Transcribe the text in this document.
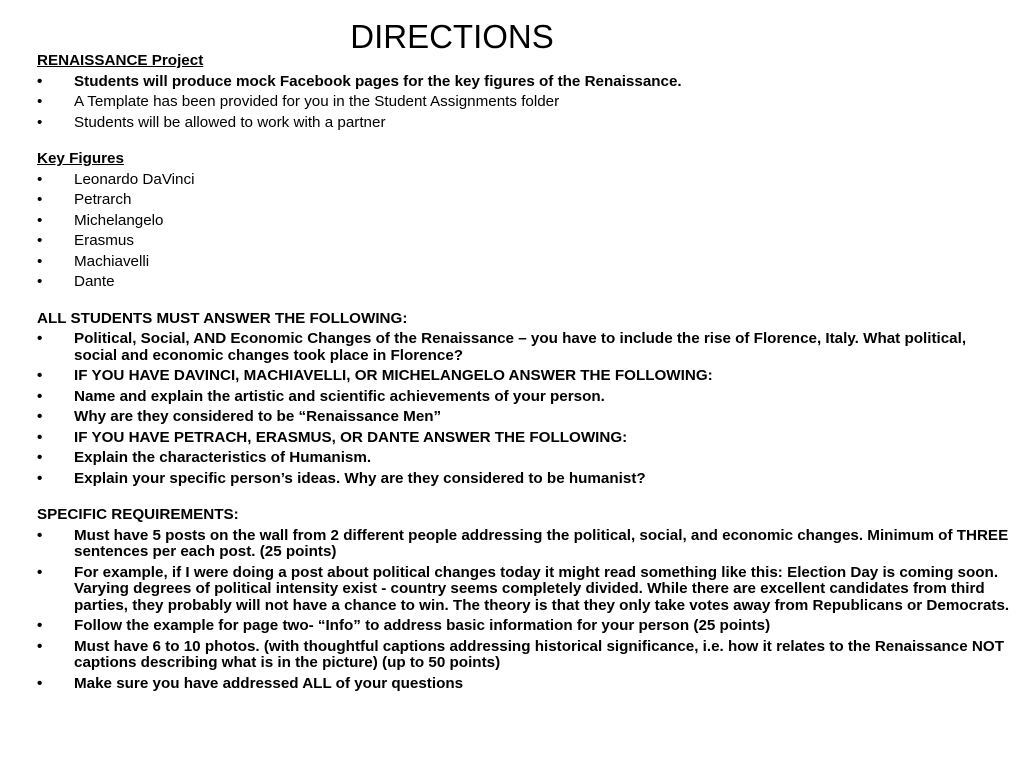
DIRECTIONS
RENAISSANCE Project
• Students will produce mock Facebook pages for the key figures of the Renaissance.
• A Template has been provided for you in the Student Assignments folder
• Students will be allowed to work with a partner
Key Figures
• Leonardo DaVinci
• Petrarch
• Michelangelo
• Erasmus
• Machiavelli
• Dante
ALL STUDENTS MUST ANSWER THE FOLLOWING:
• Political, Social, AND Economic Changes of the Renaissance – you have to include the rise of Florence, Italy. What political, social and economic changes took place in Florence?
• IF YOU HAVE DAVINCI, MACHIAVELLI, OR MICHELANGELO ANSWER THE FOLLOWING:
• Name and explain the artistic and scientific achievements of your person.
• Why are they considered to be “Renaissance Men”
• IF YOU HAVE PETRACH, ERASMUS, OR DANTE ANSWER THE FOLLOWING:
• Explain the characteristics of Humanism.
• Explain your specific person’s ideas. Why are they considered to be humanist?
SPECIFIC REQUIREMENTS:
• Must have 5 posts on the wall from 2 different people addressing the political, social, and economic changes. Minimum of THREE sentences per each post. (25 points)
• For example, if I were doing a post about political changes today it might read something like this: Election Day is coming soon. Varying degrees of political intensity exist - country seems completely divided. While there are excellent candidates from third parties, they probably will not have a chance to win. The theory is that they only take votes away from Republicans or Democrats.
• Follow the example for page two- “Info” to address basic information for your person (25 points)
• Must have 6 to 10 photos. (with thoughtful captions addressing historical significance, i.e. how it relates to the Renaissance NOT captions describing what is in the picture) (up to 50 points)
• Make sure you have addressed ALL of your questions
